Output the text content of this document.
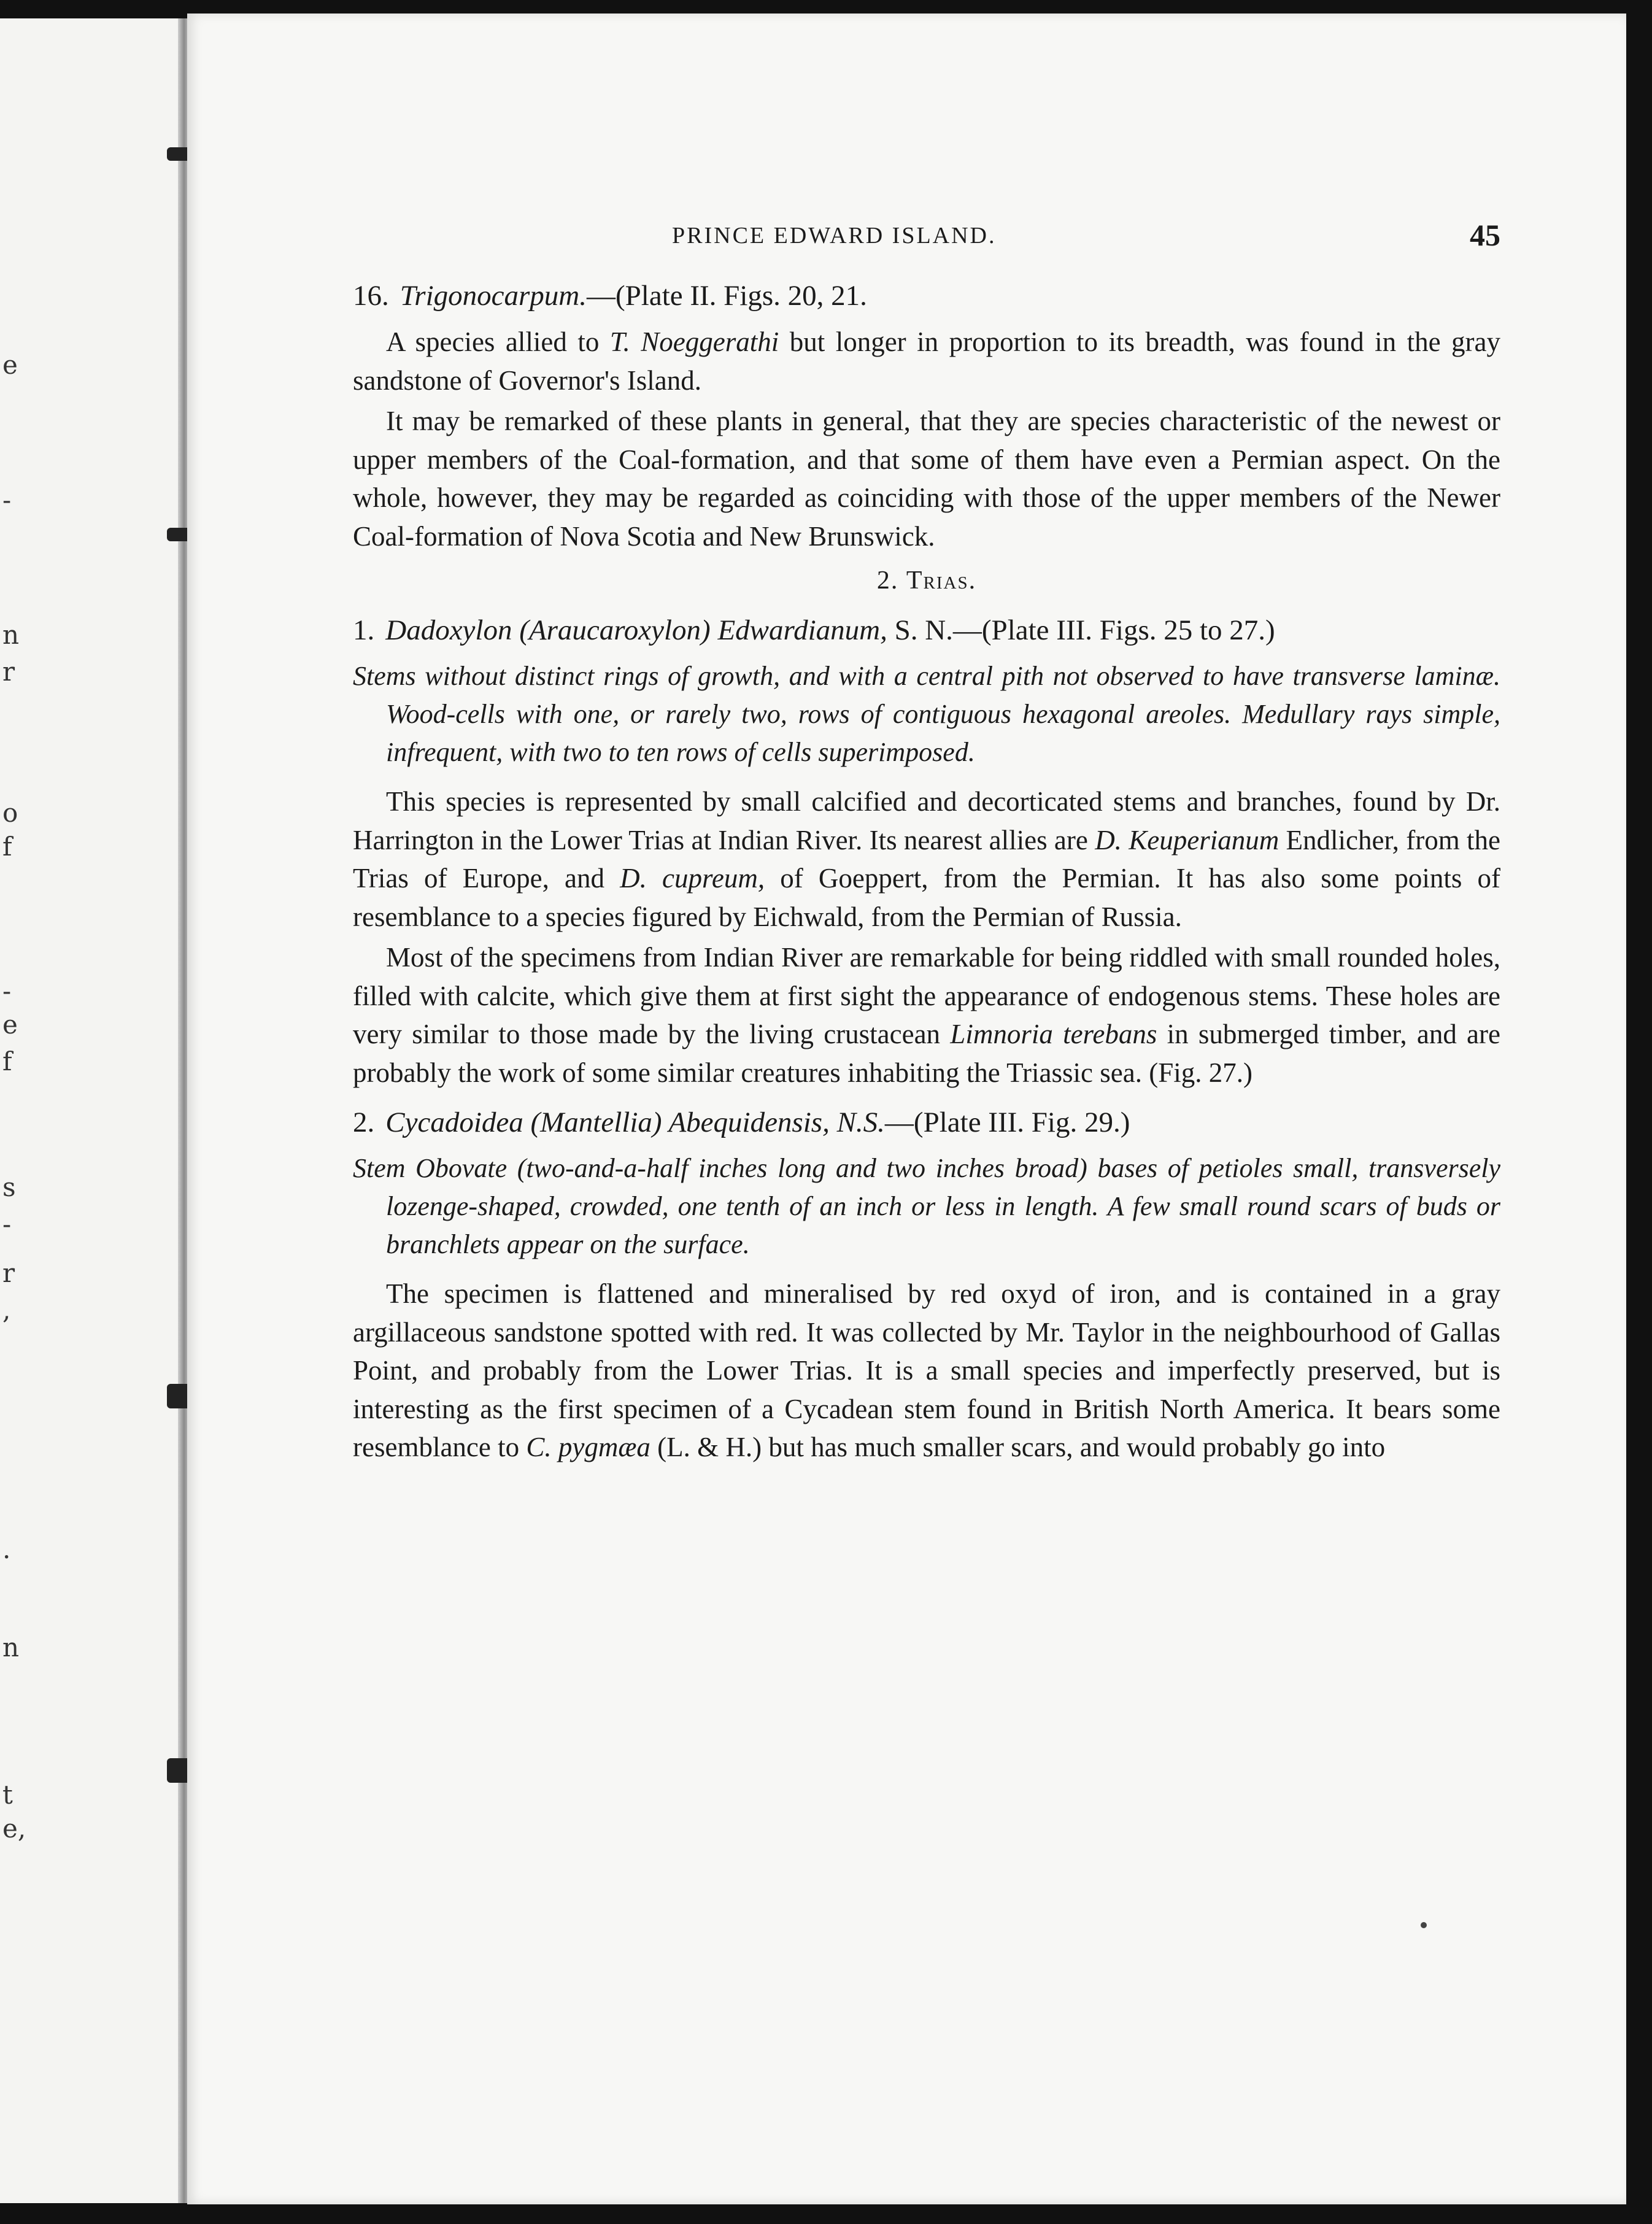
e
-
n
r
o
f
-
e
f
s
-
r
,
.
n
t
e,
PRINCE EDWARD ISLAND.	45
16. Trigonocarpum.—(Plate II. Figs. 20, 21.

A species allied to T. Noeggerathi but longer in proportion to its breadth, was found in the gray sandstone of Governor's Island.

It may be remarked of these plants in general, that they are species characteristic of the newest or upper members of the Coal-formation, and that some of them have even a Permian aspect. On the whole, however, they may be regarded as coinciding with those of the upper members of the Newer Coal-formation of Nova Scotia and New Brunswick.

2. Trias.
1. Dadoxylon (Araucaroxylon) Edwardianum, S. N.—(Plate III. Figs. 25 to 27.)

Stems without distinct rings of growth, and with a central pith not observed to have transverse laminæ. Wood-cells with one, or rarely two, rows of contiguous hexagonal areoles. Medullary rays simple, infrequent, with two to ten rows of cells superimposed.

This species is represented by small calcified and decorticated stems and branches, found by Dr. Harrington in the Lower Trias at Indian River. Its nearest allies are D. Keuperianum Endlicher, from the Trias of Europe, and D. cupreum, of Goeppert, from the Permian. It has also some points of resemblance to a species figured by Eichwald, from the Permian of Russia.

Most of the specimens from Indian River are remarkable for being riddled with small rounded holes, filled with calcite, which give them at first sight the appearance of endogenous stems. These holes are very similar to those made by the living crustacean Limnoria terebans in submerged timber, and are probably the work of some similar creatures inhabiting the Triassic sea. (Fig. 27.)

2. Cycadoidea (Mantellia) Abequidensis, N.S.—(Plate III. Fig. 29.)

Stem Obovate (two-and-a-half inches long and two inches broad) bases of petioles small, transversely lozenge-shaped, crowded, one tenth of an inch or less in length. A few small round scars of buds or branchlets appear on the surface.

The specimen is flattened and mineralised by red oxyd of iron, and is contained in a gray argillaceous sandstone spotted with red. It was collected by Mr. Taylor in the neighbourhood of Gallas Point, and probably from the Lower Trias. It is a small species and imperfectly preserved, but is interesting as the first specimen of a Cycadean stem found in British North America. It bears some resemblance to C. pygmæa (L. & H.) but has much smaller scars, and would probably go into
